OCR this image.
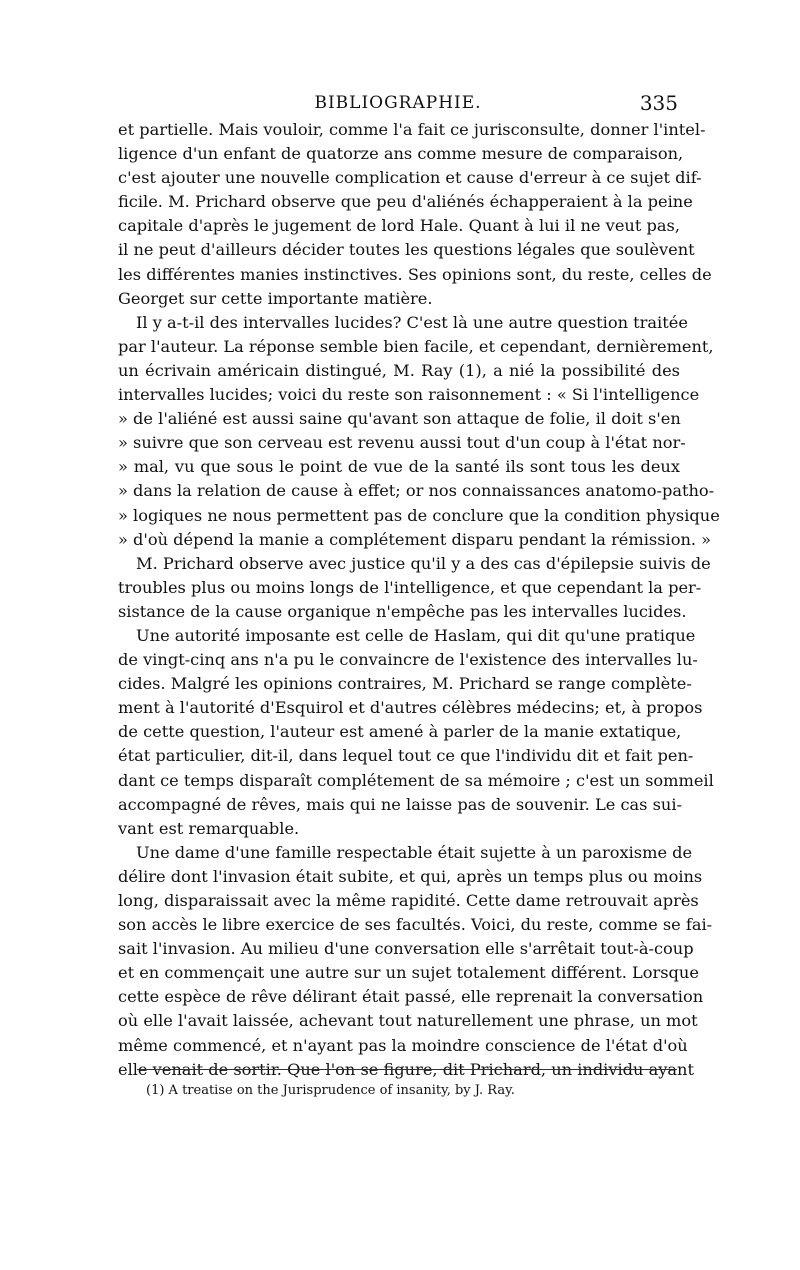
BIBLIOGRAPHIE.	335
et partielle. Mais vouloir, comme l'a fait ce jurisconsulte, donner l'intel-
ligence d'un enfant de quatorze ans comme mesure de comparaison,
c'est ajouter une nouvelle complication et cause d'erreur à ce sujet dif-
ficile. M. Prichard observe que peu d'aliénés échapperaient à la peine
capitale d'après le jugement de lord Hale. Quant à lui il ne veut pas,
il ne peut d'ailleurs décider toutes les questions légales que soulèvent
les différentes manies instinctives. Ses opinions sont, du reste, celles de
Georget sur cette importante matière.
Il y a-t-il des intervalles lucides? C'est là une autre question traitée
par l'auteur. La réponse semble bien facile, et cependant, dernièrement,
un écrivain américain distingué, M. Ray (1), a nié la possibilité des
intervalles lucides; voici du reste son raisonnement : « Si l'intelligence
» de l'aliéné est aussi saine qu'avant son attaque de folie, il doit s'en
» suivre que son cerveau est revenu aussi tout d'un coup à l'état nor-
» mal, vu que sous le point de vue de la santé ils sont tous les deux
» dans la relation de cause à effet; or nos connaissances anatomo-patho-
» logiques ne nous permettent pas de conclure que la condition physique
» d'où dépend la manie a complétement disparu pendant la rémission. »
M. Prichard observe avec justice qu'il y a des cas d'épilepsie suivis de
troubles plus ou moins longs de l'intelligence, et que cependant la per-
sistance de la cause organique n'empêche pas les intervalles lucides.
Une autorité imposante est celle de Haslam, qui dit qu'une pratique
de vingt-cinq ans n'a pu le convaincre de l'existence des intervalles lu-
cides. Malgré les opinions contraires, M. Prichard se range complète-
ment à l'autorité d'Esquirol et d'autres célèbres médecins; et, à propos
de cette question, l'auteur est amené à parler de la manie extatique,
état particulier, dit-il, dans lequel tout ce que l'individu dit et fait pen-
dant ce temps disparaît complétement de sa mémoire ; c'est un sommeil
accompagné de rêves, mais qui ne laisse pas de souvenir. Le cas sui-
vant est remarquable.
Une dame d'une famille respectable était sujette à un paroxisme de
délire dont l'invasion était subite, et qui, après un temps plus ou moins
long, disparaissait avec la même rapidité. Cette dame retrouvait après
son accès le libre exercice de ses facultés. Voici, du reste, comme se fai-
sait l'invasion. Au milieu d'une conversation elle s'arrêtait tout-à-coup
et en commençait une autre sur un sujet totalement différent. Lorsque
cette espèce de rêve délirant était passé, elle reprenait la conversation
où elle l'avait laissée, achevant tout naturellement une phrase, un mot
même commencé, et n'ayant pas la moindre conscience de l'état d'où
elle venait de sortir. Que l'on se figure, dit Prichard, un individu ayant
(1) A treatise on the Jurisprudence of insanity, by J. Ray.
